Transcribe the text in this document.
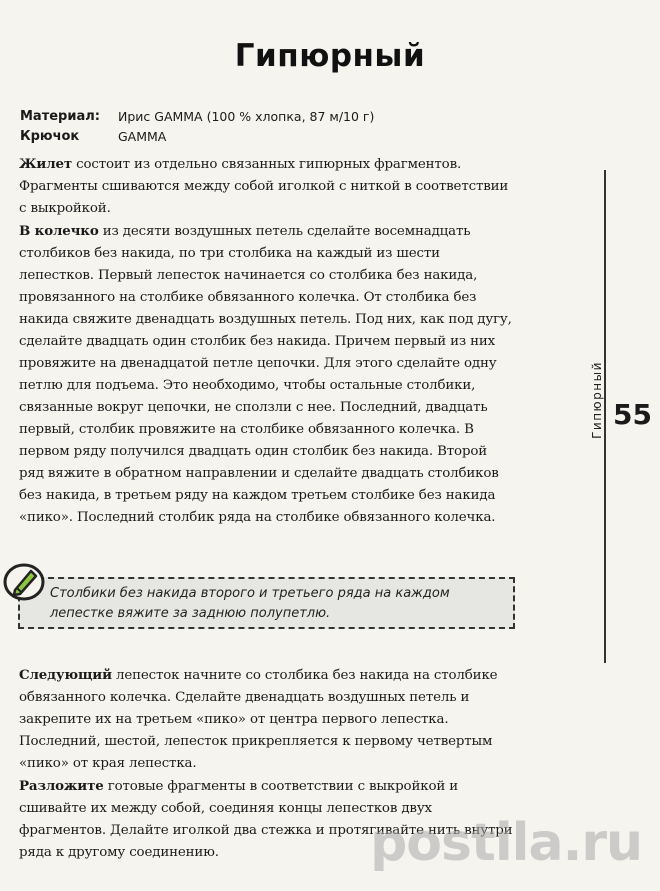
Гипюрный
Материал:	Ирис GAMMA (100 % хлопка, 87 м/10 г)
Крючок	GAMMA

Жилет состоит из отдельно связанных гипюрных фрагментов. Фрагменты сшиваются между собой иголкой с ниткой в соответствии с выкройкой.

В колечко из десяти воздушных петель сделайте восемнадцать столбиков без накида, по три столбика на каждый из шести лепестков. Первый лепесток начинается со столбика без накида, провязанного на столбике обвязанного колечка. От столбика без накида свяжите двенадцать воздушных петель. Под них, как под дугу, сделайте двадцать один столбик без накида. Причем первый из них провяжите на двенадцатой петле цепочки. Для этого сделайте одну петлю для подъема. Это необходимо, чтобы остальные столбики, связанные вокруг цепочки, не сползли с нее. Последний, двадцать первый, столбик провяжите на столбике обвязанного колечка. В первом ряду получился двадцать один столбик без накида. Второй ряд вяжите в обратном направлении и сделайте двадцать столбиков без накида, в третьем ряду на каждом третьем столбике без накида «пико». Последний столбик ряда на столбике обвязанного колечка.

Столбики без накида второго и третьего ряда на каждом лепестке вяжите за заднюю полупетлю.

Следующий лепесток начните со столбика без накида на столбике обвязанного колечка. Сделайте двенадцать воздушных петель и закрепите их на третьем «пико» от центра первого лепестка. Последний, шестой, лепесток прикрепляется к первому четвертым «пико» от края лепестка.

Разложите готовые фрагменты в соответствии с выкройкой и сшивайте их между собой, соединяя концы лепестков двух фрагментов. Делайте иголкой два стежка и протягивайте нить внутри ряда к другому соединению.

Гипюрный 55
postila.ru
